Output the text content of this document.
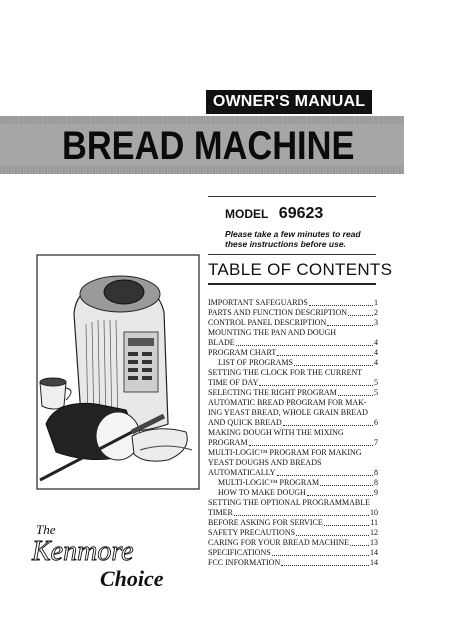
OWNER'S MANUAL
BREAD MACHINE
MODEL 69623
Please take a few minutes to read these instructions before use.
TABLE OF CONTENTS
IMPORTANT SAFEGUARDS	1
PARTS AND FUNCTION DESCRIPTION	2
CONTROL PANEL DESCRIPTION	3
MOUNTING THE PAN AND DOUGH
BLADE	4
PROGRAM CHART	4
LIST OF PROGRAMS	4
SETTING THE CLOCK FOR THE CURRENT
TIME OF DAY	5
SELECTING THE RIGHT PROGRAM	5
AUTOMATIC BREAD PROGRAM FOR MAK-
ING YEAST BREAD, WHOLE GRAIN BREAD
AND QUICK BREAD	6
MAKING DOUGH WITH THE MIXING
PROGRAM	7
MULTI-LOGIC™ PROGRAM FOR MAKING
YEAST DOUGHS AND BREADS
AUTOMATICALLY	8
MULTI-LOGIC™ PROGRAM	8
HOW TO MAKE DOUGH	9
SETTING THE OPTIONAL PROGRAMMABLE
TIMER	10
BEFORE ASKING FOR SERVICE	11
SAFETY PRECAUTIONS	12
CARING FOR YOUR BREAD MACHINE	13
SPECIFICATIONS	14
FCC INFORMATION	14
The
Kenmore
Choice
